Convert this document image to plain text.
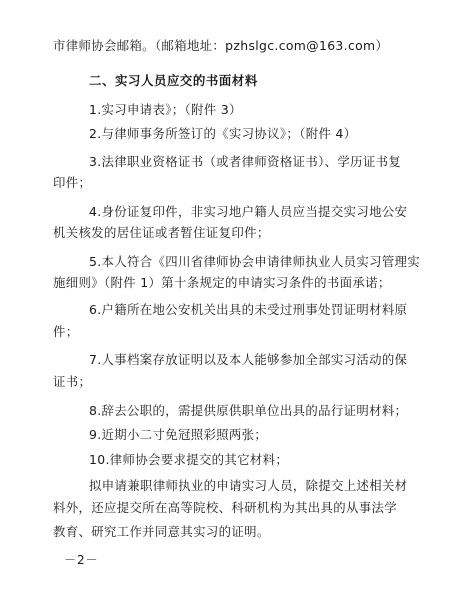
市律师协会邮箱。（邮箱地址：pzhslgc.com@163.com）
二、实习人员应交的书面材料
1.实习申请表》；（附件 3）
2.与律师事务所签订的《实习协议》；（附件 4）
3.法律职业资格证书（或者律师资格证书）、学历证书复
印件；
4.身份证复印件，非实习地户籍人员应当提交实习地公安
机关核发的居住证或者暂住证复印件；
5.本人符合《四川省律师协会申请律师执业人员实习管理实
施细则》（附件 1）第十条规定的申请实习条件的书面承诺；
6.户籍所在地公安机关出具的未受过刑事处罚证明材料原
件；
7.人事档案存放证明以及本人能够参加全部实习活动的保
证书；
8.辞去公职的，需提供原供职单位出具的品行证明材料；
9.近期小二寸免冠照彩照两张；
10.律师协会要求提交的其它材料；
拟申请兼职律师执业的申请实习人员，除提交上述相关材
料外，还应提交所在高等院校、科研机构为其出具的从事法学
教育、研究工作并同意其实习的证明。
－2－
